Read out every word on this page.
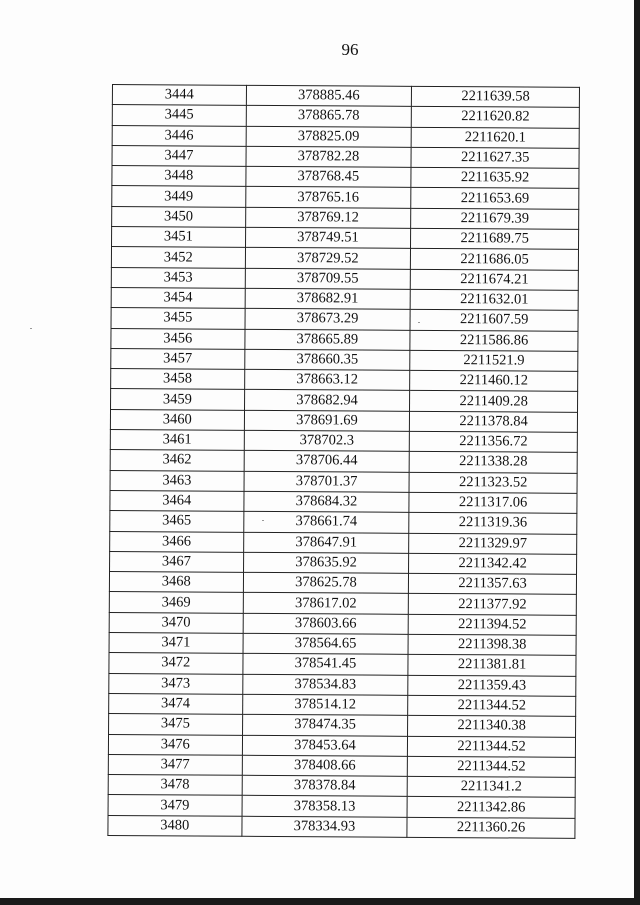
96
3444	378885.46	2211639.58
3445	378865.78	2211620.82
3446	378825.09	2211620.1
3447	378782.28	2211627.35
3448	378768.45	2211635.92
3449	378765.16	2211653.69
3450	378769.12	2211679.39
3451	378749.51	2211689.75
3452	378729.52	2211686.05
3453	378709.55	2211674.21
3454	378682.91	2211632.01
3455	378673.29	2211607.59
3456	378665.89	2211586.86
3457	378660.35	2211521.9
3458	378663.12	2211460.12
3459	378682.94	2211409.28
3460	378691.69	2211378.84
3461	378702.3	2211356.72
3462	378706.44	2211338.28
3463	378701.37	2211323.52
3464	378684.32	2211317.06
3465	378661.74	2211319.36
3466	378647.91	2211329.97
3467	378635.92	2211342.42
3468	378625.78	2211357.63
3469	378617.02	2211377.92
3470	378603.66	2211394.52
3471	378564.65	2211398.38
3472	378541.45	2211381.81
3473	378534.83	2211359.43
3474	378514.12	2211344.52
3475	378474.35	2211340.38
3476	378453.64	2211344.52
3477	378408.66	2211344.52
3478	378378.84	2211341.2
3479	378358.13	2211342.86
3480	378334.93	2211360.26
